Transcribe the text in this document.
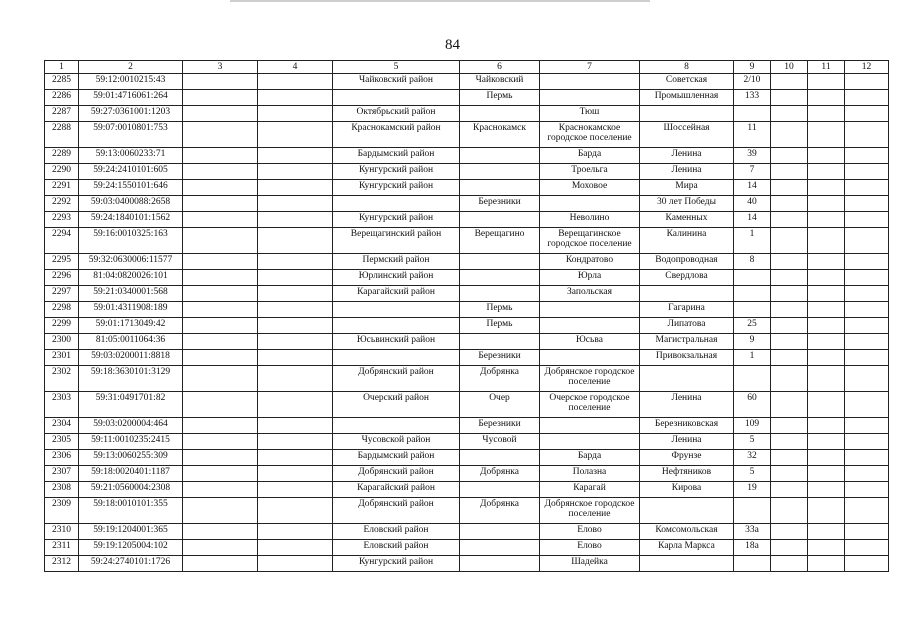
84
1	2	3	4	5	6	7	8	9	10	11	12
2285	59:12:0010215:43			Чайковский район	Чайковский		Советская	2/10			
2286	59:01:4716061:264				Пермь		Промышленная	133			
2287	59:27:0361001:1203			Октябрьский район		Тюш					
2288	59:07:0010801:753			Краснокамский район	Краснокамск	Краснокамское городское поселение	Шоссейная	11			
2289	59:13:0060233:71			Бардымский район		Барда	Ленина	39			
2290	59:24:2410101:605			Кунгурский район		Троельга	Ленина	7			
2291	59:24:1550101:646			Кунгурский район		Моховое	Мира	14			
2292	59:03:0400088:2658				Березники		30 лет Победы	40			
2293	59:24:1840101:1562			Кунгурский район		Неволино	Каменных	14			
2294	59:16:0010325:163			Верещагинский район	Верещагино	Верещагинское городское поселение	Калинина	1			
2295	59:32:0630006:11577			Пермский район		Кондратово	Водопроводная	8			
2296	81:04:0820026:101			Юрлинский район		Юрла	Свердлова				
2297	59:21:0340001:568			Карагайский район		Запольская					
2298	59:01:4311908:189				Пермь		Гагарина				
2299	59:01:1713049:42				Пермь		Липатова	25			
2300	81:05:0011064:36			Юсьвинский район		Юсьва	Магистральная	9			
2301	59:03:0200011:8818				Березники		Привокзальная	1			
2302	59:18:3630101:3129			Добрянский район	Добрянка	Добрянское городское поселение					
2303	59:31:0491701:82			Очерский район	Очер	Очерское городское поселение	Ленина	60			
2304	59:03:0200004:464				Березники		Березниковская	109			
2305	59:11:0010235:2415			Чусовской район	Чусовой		Ленина	5			
2306	59:13:0060255:309			Бардымский район		Барда	Фрунзе	32			
2307	59:18:0020401:1187			Добрянский район	Добрянка	Полазна	Нефтяников	5			
2308	59:21:0560004:2308			Карагайский район		Карагай	Кирова	19			
2309	59:18:0010101:355			Добрянский район	Добрянка	Добрянское городское поселение					
2310	59:19:1204001:365			Еловский район		Елово	Комсомольская	33а			
2311	59:19:1205004:102			Еловский район		Елово	Карла Маркса	18а			
2312	59:24:2740101:1726			Кунгурский район		Шадейка					
